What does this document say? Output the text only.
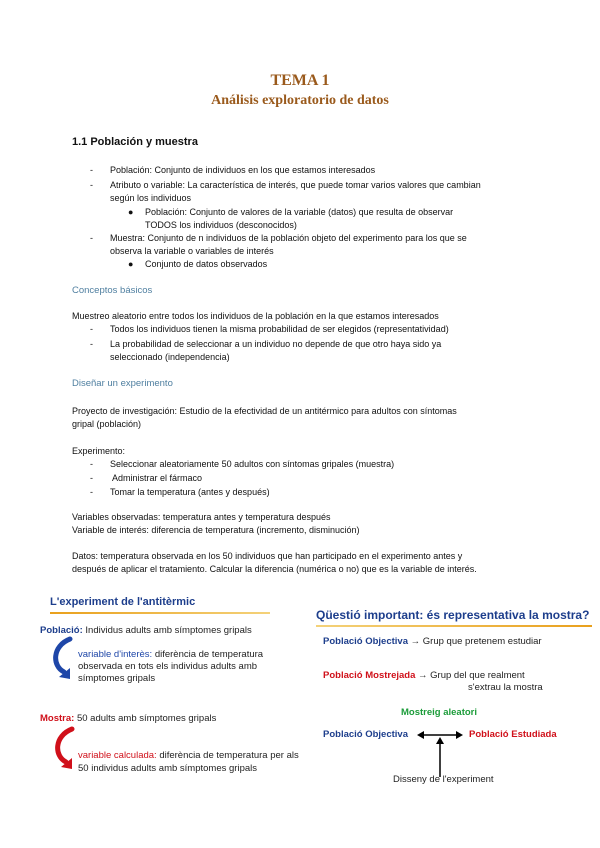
TEMA 1
Análisis exploratorio de datos
1.1 Población y muestra
- Población: Conjunto de individuos en los que estamos interesados
- Atributo o variable: La característica de interés, que puede tomar varios valores que cambian
según los individuos
● Población: Conjunto de valores de la variable (datos) que resulta de observar
TODOS los individuos (desconocidos)
- Muestra: Conjunto de n individuos de la población objeto del experimento para los que se
observa la variable o variables de interés
● Conjunto de datos observados
Conceptos básicos
Muestreo aleatorio entre todos los individuos de la población en la que estamos interesados
- Todos los individuos tienen la misma probabilidad de ser elegidos (representatividad)
- La probabilidad de seleccionar a un individuo no depende de que otro haya sido ya
seleccionado (independencia)
Diseñar un experimento
Proyecto de investigación: Estudio de la efectividad de un antitérmico para adultos con síntomas
gripal (población)
Experimento:
- Seleccionar aleatoriamente 50 adultos con síntomas gripales (muestra)
- Administrar el fármaco
- Tomar la temperatura (antes y después)
Variables observadas: temperatura antes y temperatura después
Variable de interés: diferencia de temperatura (incremento, disminución)
Datos: temperatura observada en los 50 individuos que han participado en el experimento antes y
después de aplicar el tratamiento. Calcular la diferencia (numérica o no) que es la variable de interés.
L'experiment de l'antitèrmic
Població: Individus adults amb símptomes gripals
variable d'interès: diferència de temperatura
observada en tots els individus adults amb
símptomes gripals
Mostra: 50 adults amb símptomes gripals
variable calculada: diferència de temperatura per als
50 individus adults amb símptomes gripals
Qüestió important: és representativa la mostra?
Població Objectiva → Grup que pretenem estudiar
Població Mostrejada → Grup del que realment
s'extrau la mostra
Mostreig aleatori
Població Objectiva	Població Estudiada
Disseny de l'experiment
